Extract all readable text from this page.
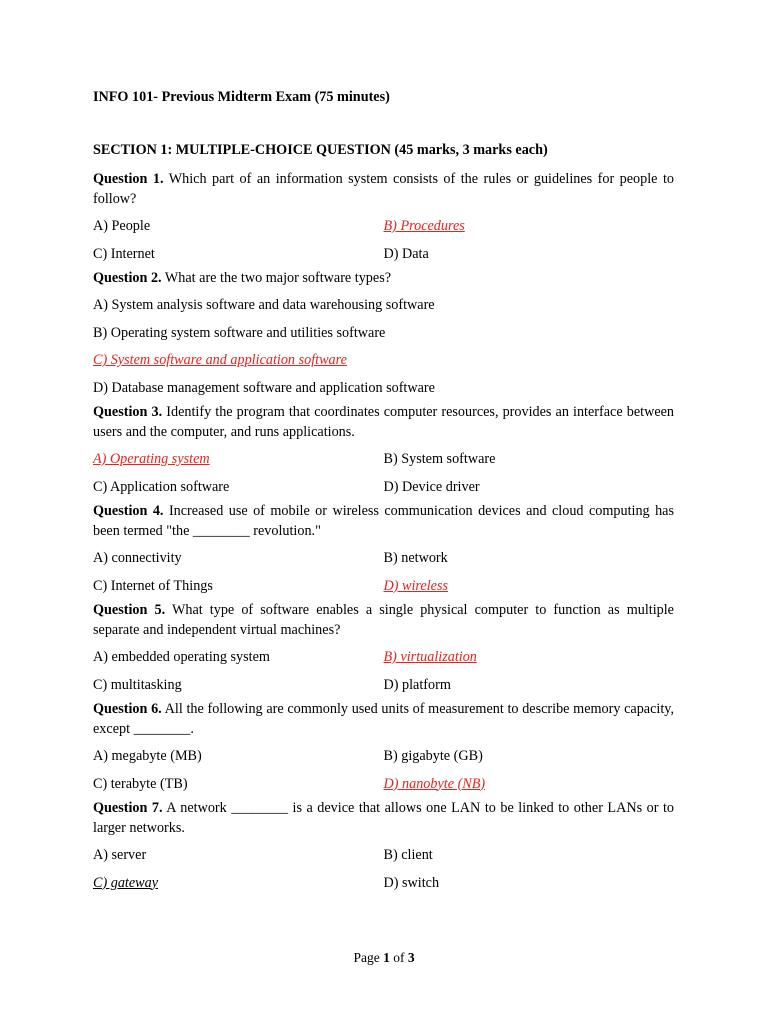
INFO 101- Previous Midterm Exam (75 minutes)
SECTION 1: MULTIPLE-CHOICE QUESTION (45 marks, 3 marks each)

Question 1. Which part of an information system consists of the rules or guidelines for people to follow?

A) People	B) Procedures
C) Internet	D) Data

Question 2. What are the two major software types?

A) System analysis software and data warehousing software
B) Operating system software and utilities software
C) System software and application software
D) Database management software and application software

Question 3. Identify the program that coordinates computer resources, provides an interface between users and the computer, and runs applications.

A) Operating system	B) System software
C) Application software	D) Device driver

Question 4. Increased use of mobile or wireless communication devices and cloud computing has been termed "the ________ revolution."

A) connectivity	B) network
C) Internet of Things	D) wireless

Question 5. What type of software enables a single physical computer to function as multiple separate and independent virtual machines?

A) embedded operating system	B) virtualization
C) multitasking	D) platform

Question 6. All the following are commonly used units of measurement to describe memory capacity, except ________.

A) megabyte (MB)	B) gigabyte (GB)
C) terabyte (TB)	D) nanobyte (NB)

Question 7. A network ________ is a device that allows one LAN to be linked to other LANs or to larger networks.

A) server	B) client
C) gateway	D) switch
Page 1 of 3
